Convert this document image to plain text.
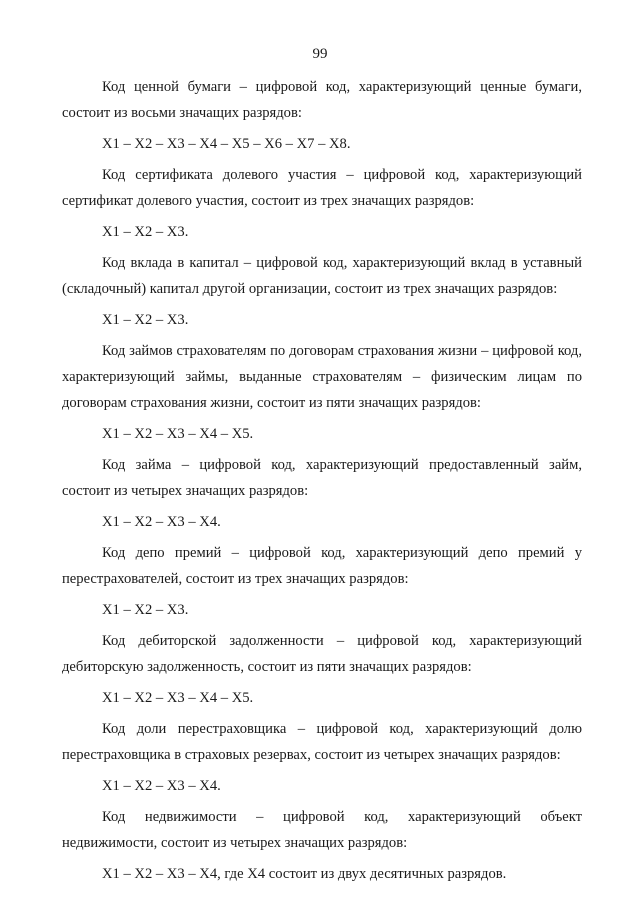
99

Код ценной бумаги – цифровой код, характеризующий ценные бумаги, состоит из восьми значащих разрядов:

X1 – X2 – X3 – X4 – X5 – X6 – X7 – X8.

Код сертификата долевого участия – цифровой код, характеризующий сертификат долевого участия, состоит из трех значащих разрядов:

X1 – X2 – X3.

Код вклада в капитал – цифровой код, характеризующий вклад в уставный (складочный) капитал другой организации, состоит из трех значащих разрядов:

X1 – X2 – X3.

Код займов страхователям по договорам страхования жизни – цифровой код, характеризующий займы, выданные страхователям – физическим лицам по договорам страхования жизни, состоит из пяти значащих разрядов:

X1 – X2 – X3 – X4 – X5.

Код займа – цифровой код, характеризующий предоставленный займ, состоит из четырех значащих разрядов:

X1 – X2 – X3 – X4.

Код депо премий – цифровой код, характеризующий депо премий у перестрахователей, состоит из трех значащих разрядов:

X1 – X2 – X3.

Код дебиторской задолженности – цифровой код, характеризующий дебиторскую задолженность, состоит из пяти значащих разрядов:

X1 – X2 – X3 – X4 – X5.

Код доли перестраховщика – цифровой код, характеризующий долю перестраховщика в страховых резервах, состоит из четырех значащих разрядов:

X1 – X2 – X3 – X4.

Код недвижимости – цифровой код, характеризующий объект недвижимости, состоит из четырех значащих разрядов:

X1 – X2 – X3 – X4, где X4 состоит из двух десятичных разрядов.
